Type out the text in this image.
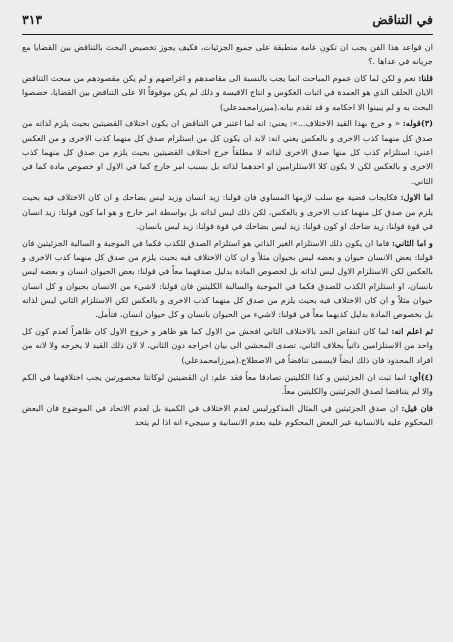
في التناقض
٣١٣

ان قواعد هذا الفن يجب ان تكون عامة منطبقة على جميع الجزئيات، فكيف يجوز تخصيص البحث بالتناقض بين القضايا مع جريانه في عداها .؟

قلنا: نعم و لكن لما كان عموم المباحث انما يجب بالنسبة الى مقاصدهم و اغراضهم و لم يكن مقصودهم من مبحث التناقض الايان الخلف الذي هو العمدة في اثبات العكوس و انتاج الاقيسة و ذلك لم يكن موقوفاً الا على التناقض بين القضايا، خصصوا البحث به و لم يبينوا الا احكامه و قد تقدم بيانه.(ميرزامحمدعلي)

(٣)قوله: « و خرج بهذا القيد الاختلاف...»: يعني: انه لما اعتبر في التناقض ان يكون اختلاف القضيتين بحيث يلزم لذاته من صدق كل منهما كذب الاخرى و بالعكس يعني انه: لابد ان يكون كل من استلزام صدق كل منهما كذب الاخرى و من العكس اعني: استلزام كذب كل منها صدق الاخرى لذاته لا مطلقاً خرج اختلاف القضيتين بحيث يلزم من صدق كل منهما كذب الاخرى و بالعكس لكن لا يكون كلا الاستلزامين او احدهما لذاته بل بسبب امر خارج كما في الاول او خصوص مادة كما في الثاني.

اما الاول: فكايجاب قضية مع سلب لازمها المساوي فان قولنا: زيد انسان وزيد ليس بضاحك و ان كان الاختلاف فيه بحيث يلزم من صدق كل منهما كذب الاخرى و بالعكس، لكن ذلك ليس لذاته بل بواسطة امر خارج و هو اما كون قولنا: زيد انسان في قوة قولنا: زيد ضاحك او كون قولنا: زيد ليس بضاحك في قوة قولنا: زيد ليس بانسان.

و اما الثاني: فاما ان يكون ذلك الاستلزام الغير الذاتي هو استلزام الصدق للكذب فكما في الموجبة و السالبة الجزئيتين فان قولنا: بعض الانسان حيوان و بعضه ليس بحيوان مثلاً و ان كان الاختلاف فيه بحيث يلزم من صدق كل منهما كذب الاخرى و بالعكس لكن الاستلزام الاول ليس لذاته بل لخصوص المادة بدليل صدقهما معاً في قولنا: بعض الحيوان انسان و بعضه ليس بانسان، او استلزام الكذب للصدق فكما في الموجبة والسالبة الكليتين فان قولنا: لاشيء من الانسان بحيوان و كل انسان حيوان مثلاً و ان كان الاختلاف فيه بحيث يلزم من صدق كل منهما كذب الاخرى و بالعكس لكن الاستلزام الثاني ليس لذاته بل بخصوص المادة بدليل كذبهما معاً في قولنا: لاشيء من الحيوان بانسان و كل حيوان انسان، فتأمل.

ثم اعلم انه: لما كان انتقاض الحد بالاختلاف الثاني افحش من الاول كما هو ظاهر و خروج الاول كان ظاهراً لعدم كون كل واحد من الاستلزامين ذاتياً بخلاف الثاني، تصدى المحشي الى بيان اخراجه دون الثاني، لا لان ذلك القيد لا يخرجه ولا لانه من افراد المحدود فان ذلك ايضاً لايسمى تناقضاً في الاصطلاح.(ميرزامحمدعلي)

(٤)أي: انما ثبت ان الجزئيتين و كذا الكليتين تصادقا معاً فقد علم: ان القضيتين لوكانتا محصورتين يجب اختلافهما في الكم والا لم يتناقضا لصدق الجزئيتين والكليتين معاً.

فان قيل: ان صدق الجزئيتين في المثال المذكورليس لعدم الاختلاف في الكمية بل لعدم الاتحاد في الموضوع فان البعض المحكوم عليه بالانسانية غير البعض المحكوم عليه بعدم الانسانية و سيجيء انه اذا لم يتحد
